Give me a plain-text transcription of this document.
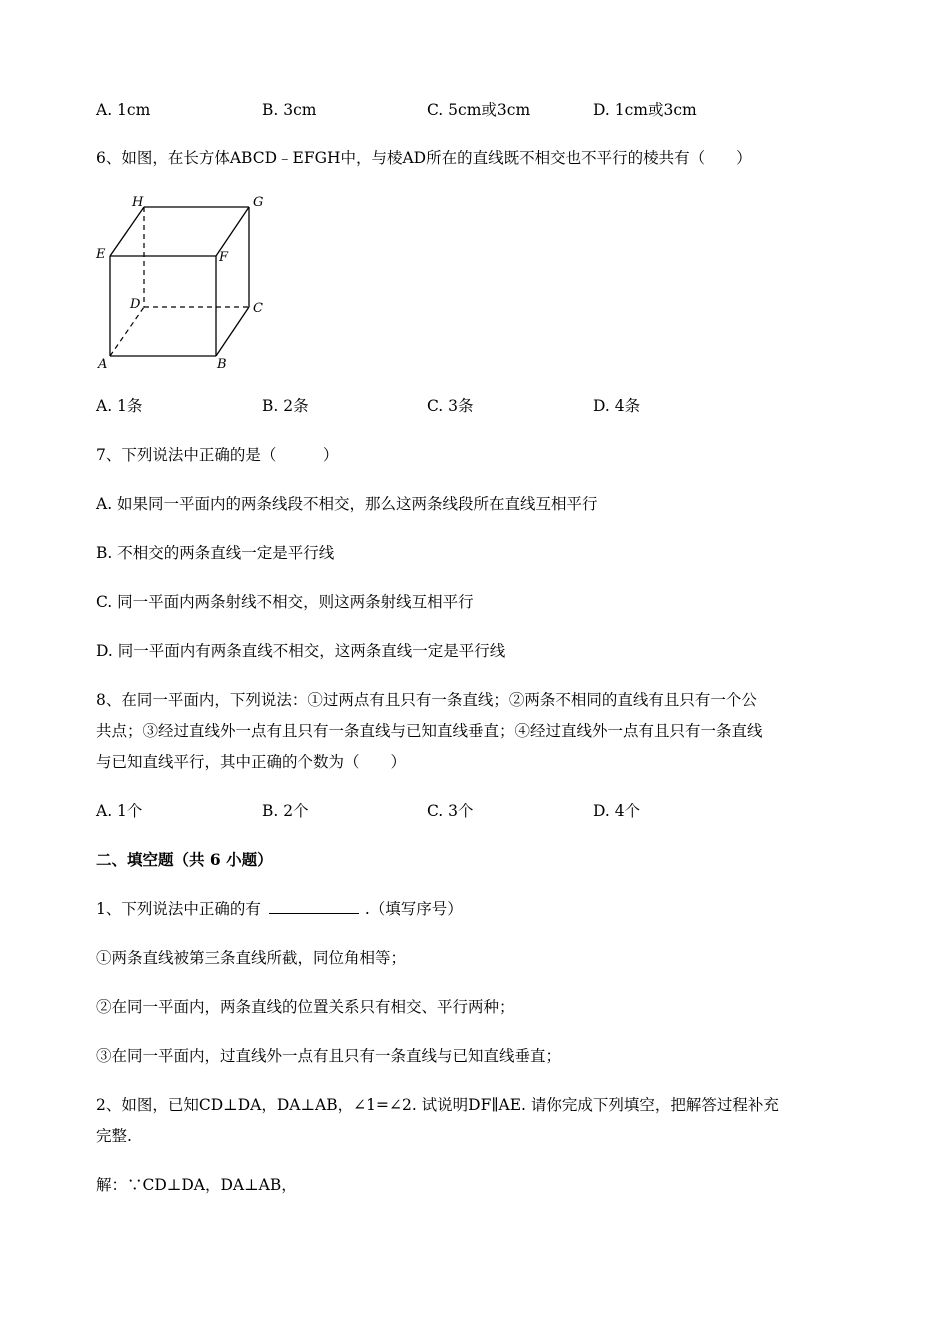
A. 1cm	B. 3cm	C. 5cm或3cm	D. 1cm或3cm
6、如图，在长方体ABCD﹣EFGH中，与棱AD所在的直线既不相交也不平行的棱共有（　　）
H	G
E	F
D	C
A	B
A. 1条	B. 2条	C. 3条	D. 4条
7、下列说法中正确的是（　　　）
A. 如果同一平面内的两条线段不相交，那么这两条线段所在直线互相平行
B. 不相交的两条直线一定是平行线
C. 同一平面内两条射线不相交，则这两条射线互相平行
D. 同一平面内有两条直线不相交，这两条直线一定是平行线
8、在同一平面内，下列说法：①过两点有且只有一条直线；②两条不相同的直线有且只有一个公
共点；③经过直线外一点有且只有一条直线与已知直线垂直；④经过直线外一点有且只有一条直线
与已知直线平行，其中正确的个数为（　　）
A. 1个	B. 2个	C. 3个	D. 4个
二、填空题（共 6 小题）
1、下列说法中正确的有	.（填写序号）
①两条直线被第三条直线所截，同位角相等；
②在同一平面内，两条直线的位置关系只有相交、平行两种；
③在同一平面内，过直线外一点有且只有一条直线与已知直线垂直；
2、如图，已知CD⊥DA，DA⊥AB，∠1=∠2. 试说明DF∥AE. 请你完成下列填空，把解答过程补充
完整.
解：∵CD⊥DA，DA⊥AB，
